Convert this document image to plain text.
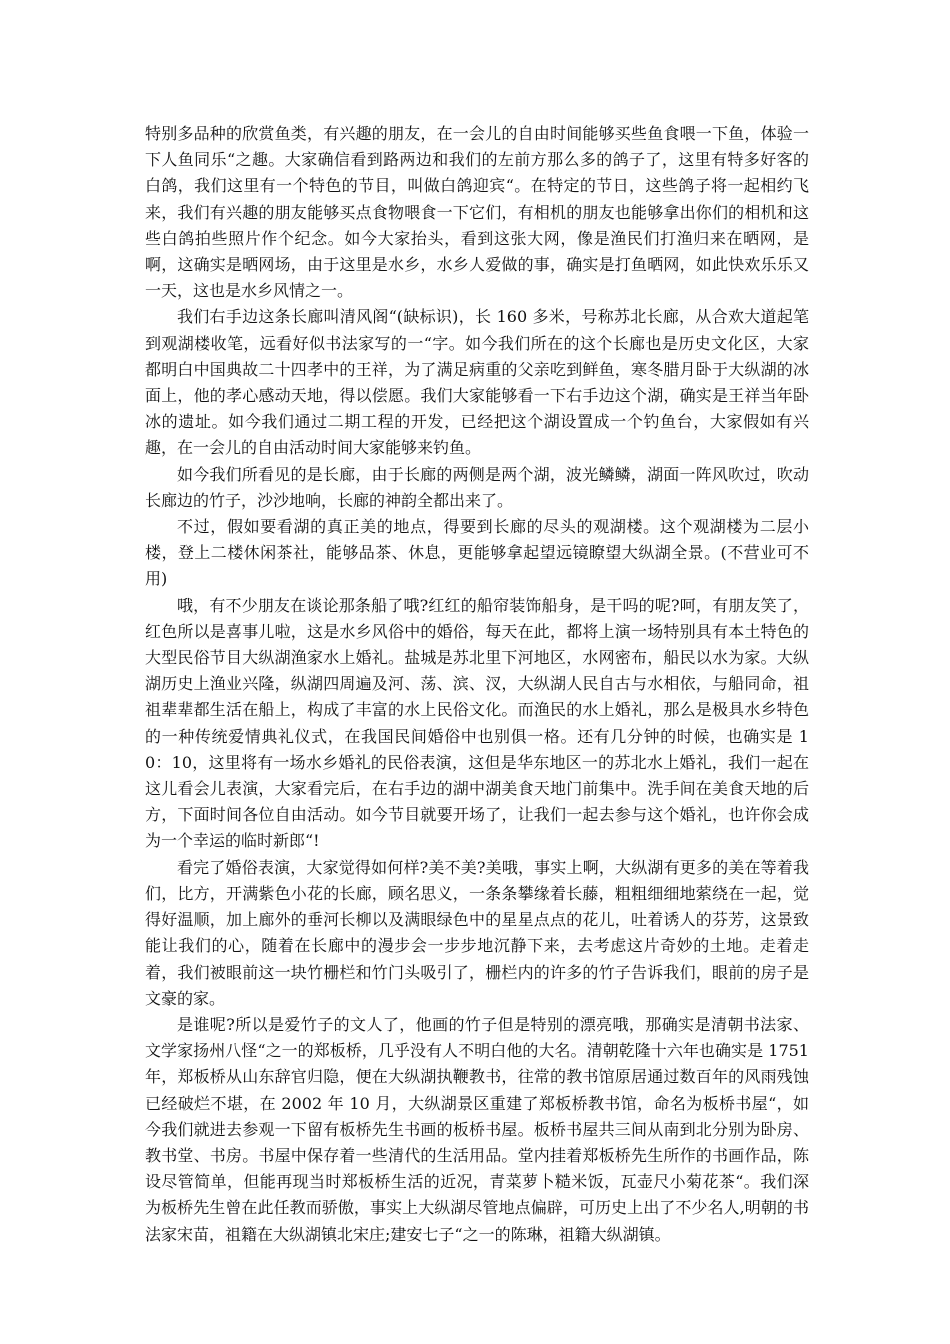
特别多品种的欣赏鱼类，有兴趣的朋友，在一会儿的自由时间能够买些鱼食喂一下鱼，体验一下人鱼同乐“之趣。大家确信看到路两边和我们的左前方那么多的鸽子了，这里有特多好客的白鸽，我们这里有一个特色的节目，叫做白鸽迎宾“。在特定的节日，这些鸽子将一起相约飞来，我们有兴趣的朋友能够买点食物喂食一下它们，有相机的朋友也能够拿出你们的相机和这些白鸽拍些照片作个纪念。如今大家抬头，看到这张大网，像是渔民们打渔归来在晒网，是啊，这确实是晒网场，由于这里是水乡，水乡人爱做的事，确实是打鱼晒网，如此快欢乐乐又一天，这也是水乡风情之一。

我们右手边这条长廊叫清风阁“(缺标识)，长 160 多米，号称苏北长廊，从合欢大道起笔到观湖楼收笔，远看好似书法家写的一“字。如今我们所在的这个长廊也是历史文化区，大家都明白中国典故二十四孝中的王祥，为了满足病重的父亲吃到鲜鱼，寒冬腊月卧于大纵湖的冰面上，他的孝心感动天地，得以偿愿。我们大家能够看一下右手边这个湖，确实是王祥当年卧冰的遗址。如今我们通过二期工程的开发，已经把这个湖设置成一个钓鱼台，大家假如有兴趣，在一会儿的自由活动时间大家能够来钓鱼。

如今我们所看见的是长廊，由于长廊的两侧是两个湖，波光鳞鳞，湖面一阵风吹过，吹动长廊边的竹子，沙沙地响，长廊的神韵全都出来了。

不过，假如要看湖的真正美的地点，得要到长廊的尽头的观湖楼。这个观湖楼为二层小楼，登上二楼休闲茶社，能够品茶、休息，更能够拿起望远镜瞭望大纵湖全景。(不营业可不用)

哦，有不少朋友在谈论那条船了哦?红红的船帘装饰船身，是干吗的呢?呵，有朋友笑了，红色所以是喜事儿啦，这是水乡风俗中的婚俗，每天在此，都将上演一场特别具有本土特色的大型民俗节目大纵湖渔家水上婚礼。盐城是苏北里下河地区，水网密布，船民以水为家。大纵湖历史上渔业兴隆，纵湖四周遍及河、荡、滨、汊，大纵湖人民自古与水相依，与船同命，祖祖辈辈都生活在船上，构成了丰富的水上民俗文化。而渔民的水上婚礼，那么是极具水乡特色的一种传统爱情典礼仪式，在我国民间婚俗中也别俱一格。还有几分钟的时候，也确实是 10：10，这里将有一场水乡婚礼的民俗表演，这但是华东地区一的苏北水上婚礼，我们一起在这儿看会儿表演，大家看完后，在右手边的湖中湖美食天地门前集中。洗手间在美食天地的后方，下面时间各位自由活动。如今节目就要开场了，让我们一起去参与这个婚礼，也许你会成为一个幸运的临时新郎“!

看完了婚俗表演，大家觉得如何样?美不美?美哦，事实上啊，大纵湖有更多的美在等着我们，比方，开满紫色小花的长廊，顾名思义，一条条攀缘着长藤，粗粗细细地萦绕在一起，觉得好温顺，加上廊外的垂河长柳以及满眼绿色中的星星点点的花儿，吐着诱人的芬芳，这景致能让我们的心，随着在长廊中的漫步会一步步地沉静下来，去考虑这片奇妙的土地。走着走着，我们被眼前这一块竹栅栏和竹门头吸引了，栅栏内的许多的竹子告诉我们，眼前的房子是文豪的家。

是谁呢?所以是爱竹子的文人了，他画的竹子但是特别的漂亮哦，那确实是清朝书法家、文学家扬州八怪“之一的郑板桥，几乎没有人不明白他的大名。清朝乾隆十六年也确实是 1751 年，郑板桥从山东辞官归隐，便在大纵湖执鞭教书，往常的教书馆原居通过数百年的风雨残蚀已经破烂不堪，在 2002 年 10 月，大纵湖景区重建了郑板桥教书馆，命名为板桥书屋“，如今我们就进去参观一下留有板桥先生书画的板桥书屋。板桥书屋共三间从南到北分别为卧房、教书堂、书房。书屋中保存着一些清代的生活用品。堂内挂着郑板桥先生所作的书画作品，陈设尽管简单，但能再现当时郑板桥生活的近况，青菜萝卜糙米饭，瓦壶尺小菊花茶“。我们深为板桥先生曾在此任教而骄傲，事实上大纵湖尽管地点偏辟，可历史上出了不少名人,明朝的书法家宋苗，祖籍在大纵湖镇北宋庄;建安七子“之一的陈琳，祖籍大纵湖镇。
